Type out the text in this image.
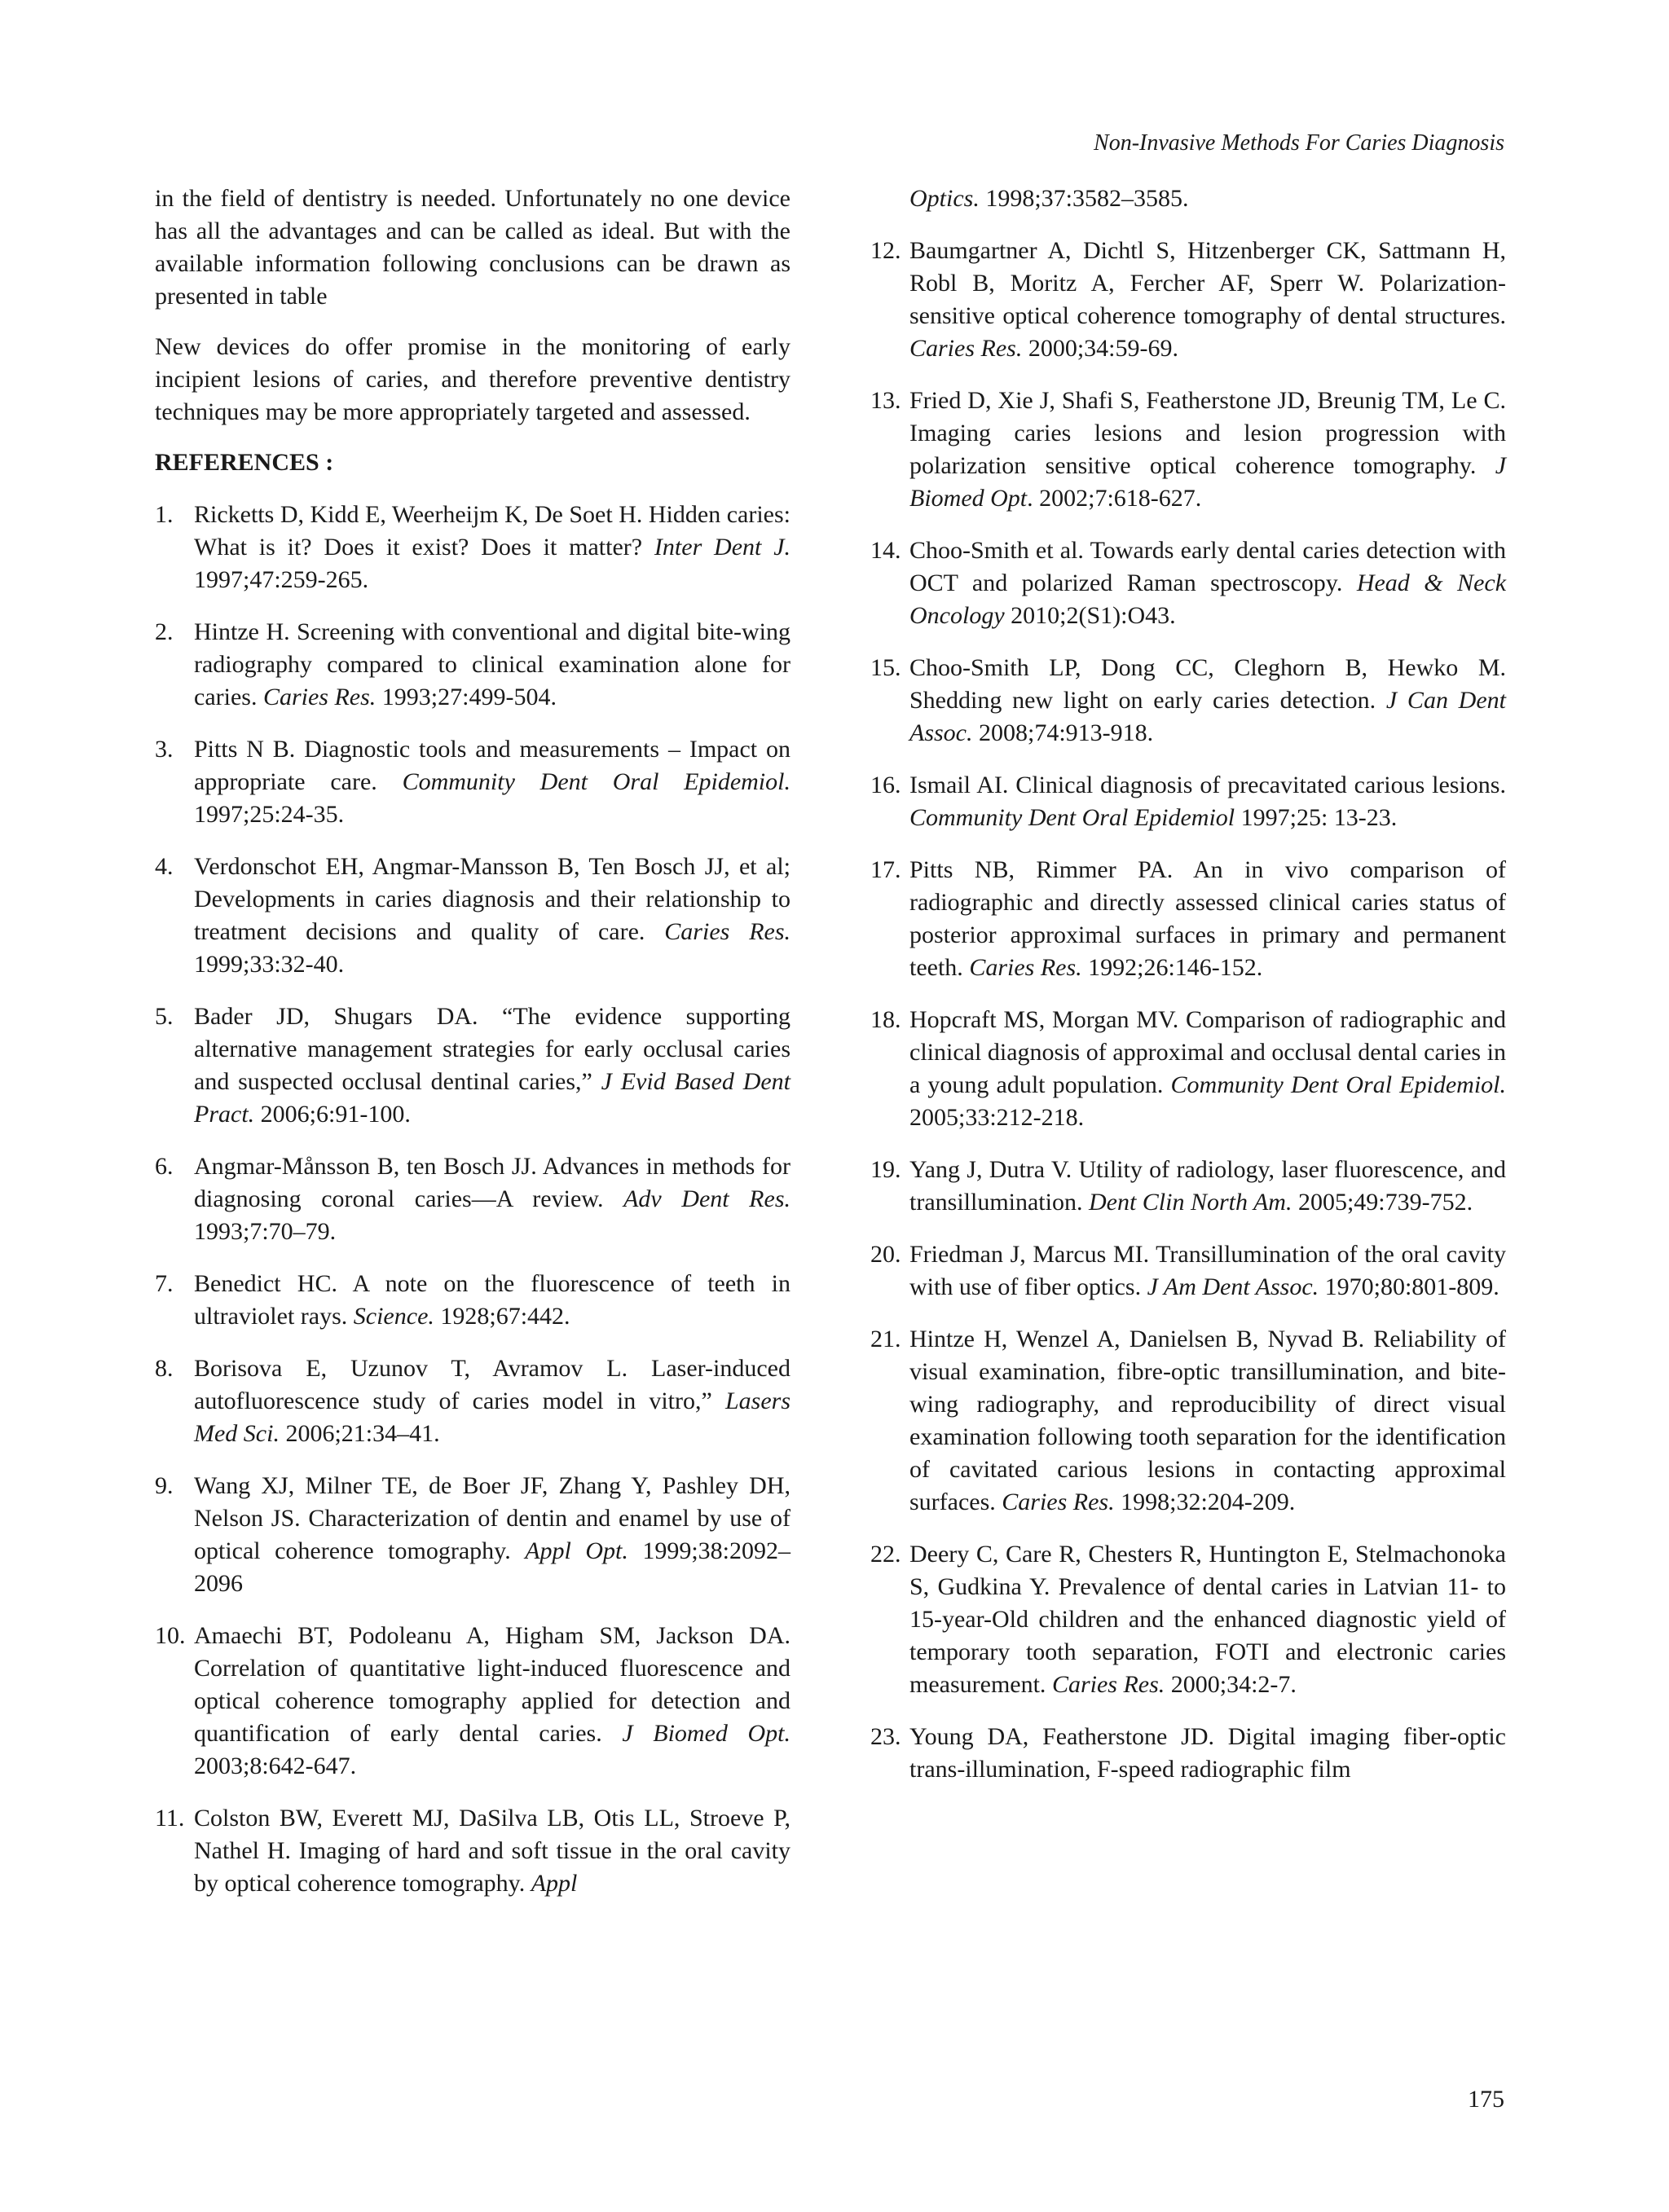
Non-Invasive Methods For Caries Diagnosis

in the field of dentistry is needed. Unfortunately no one device has all the advantages and can be called as ideal. But with the available information following conclusions can be drawn as presented in table

New devices do offer promise in the monitoring of early incipient lesions of caries, and therefore preventive dentistry techniques may be more appropriately targeted and assessed.

REFERENCES :
1. Ricketts D, Kidd E, Weerheijm K, De Soet H. Hidden caries: What is it? Does it exist? Does it matter? Inter Dent J. 1997;47:259-265.
2. Hintze H. Screening with conventional and digital bite-wing radiography compared to clinical examination alone for caries. Caries Res. 1993;27:499-504.
3. Pitts N B. Diagnostic tools and measurements – Impact on appropriate care. Community Dent Oral Epidemiol. 1997;25:24-35.
4. Verdonschot EH, Angmar-Mansson B, Ten Bosch JJ, et al; Developments in caries diagnosis and their relationship to treatment decisions and quality of care. Caries Res. 1999;33:32-40.
5. Bader JD, Shugars DA. “The evidence supporting alternative management strategies for early occlusal caries and suspected occlusal dentinal caries,” J Evid Based Dent Pract. 2006;6:91-100.
6. Angmar-Månsson B, ten Bosch JJ. Advances in methods for diagnosing coronal caries—A review. Adv Dent Res. 1993;7:70–79.
7. Benedict HC. A note on the fluorescence of teeth in ultraviolet rays. Science. 1928;67:442.
8. Borisova E, Uzunov T, Avramov L. Laser-induced autofluorescence study of caries model in vitro,” Lasers Med Sci. 2006;21:34–41.
9. Wang XJ, Milner TE, de Boer JF, Zhang Y, Pashley DH, Nelson JS. Characterization of dentin and enamel by use of optical coherence tomography. Appl Opt. 1999;38:2092–2096
10. Amaechi BT, Podoleanu A, Higham SM, Jackson DA. Correlation of quantitative light-induced fluorescence and optical coherence tomography applied for detection and quantification of early dental caries. J Biomed Opt. 2003;8:642-647.
11. Colston BW, Everett MJ, DaSilva LB, Otis LL, Stroeve P, Nathel H. Imaging of hard and soft tissue in the oral cavity by optical coherence tomography. Appl
Optics. 1998;37:3582–3585.
12. Baumgartner A, Dichtl S, Hitzenberger CK, Sattmann H, Robl B, Moritz A, Fercher AF, Sperr W. Polarization-sensitive optical coherence tomography of dental structures. Caries Res. 2000;34:59-69.
13. Fried D, Xie J, Shafi S, Featherstone JD, Breunig TM, Le C. Imaging caries lesions and lesion progression with polarization sensitive optical coherence tomography. J Biomed Opt. 2002;7:618-627.
14. Choo-Smith et al. Towards early dental caries detection with OCT and polarized Raman spectroscopy. Head & Neck Oncology 2010;2(S1):O43.
15. Choo-Smith LP, Dong CC, Cleghorn B, Hewko M. Shedding new light on early caries detection. J Can Dent Assoc. 2008;74:913-918.
16. Ismail AI. Clinical diagnosis of precavitated carious lesions. Community Dent Oral Epidemiol 1997;25: 13-23.
17. Pitts NB, Rimmer PA. An in vivo comparison of radiographic and directly assessed clinical caries status of posterior approximal surfaces in primary and permanent teeth. Caries Res. 1992;26:146-152.
18. Hopcraft MS, Morgan MV. Comparison of radiographic and clinical diagnosis of approximal and occlusal dental caries in a young adult population. Community Dent Oral Epidemiol. 2005;33:212-218.
19. Yang J, Dutra V. Utility of radiology, laser fluorescence, and transillumination. Dent Clin North Am. 2005;49:739-752.
20. Friedman J, Marcus MI. Transillumination of the oral cavity with use of fiber optics. J Am Dent Assoc. 1970;80:801-809.
21. Hintze H, Wenzel A, Danielsen B, Nyvad B. Reliability of visual examination, fibre-optic transillumination, and bite-wing radiography, and reproducibility of direct visual examination following tooth separation for the identification of cavitated carious lesions in contacting approximal surfaces. Caries Res. 1998;32:204-209.
22. Deery C, Care R, Chesters R, Huntington E, Stelmachonoka S, Gudkina Y. Prevalence of dental caries in Latvian 11- to 15-year-Old children and the enhanced diagnostic yield of temporary tooth separation, FOTI and electronic caries measurement. Caries Res. 2000;34:2-7.
23. Young DA, Featherstone JD. Digital imaging fiber-optic trans-illumination, F-speed radiographic film
175
